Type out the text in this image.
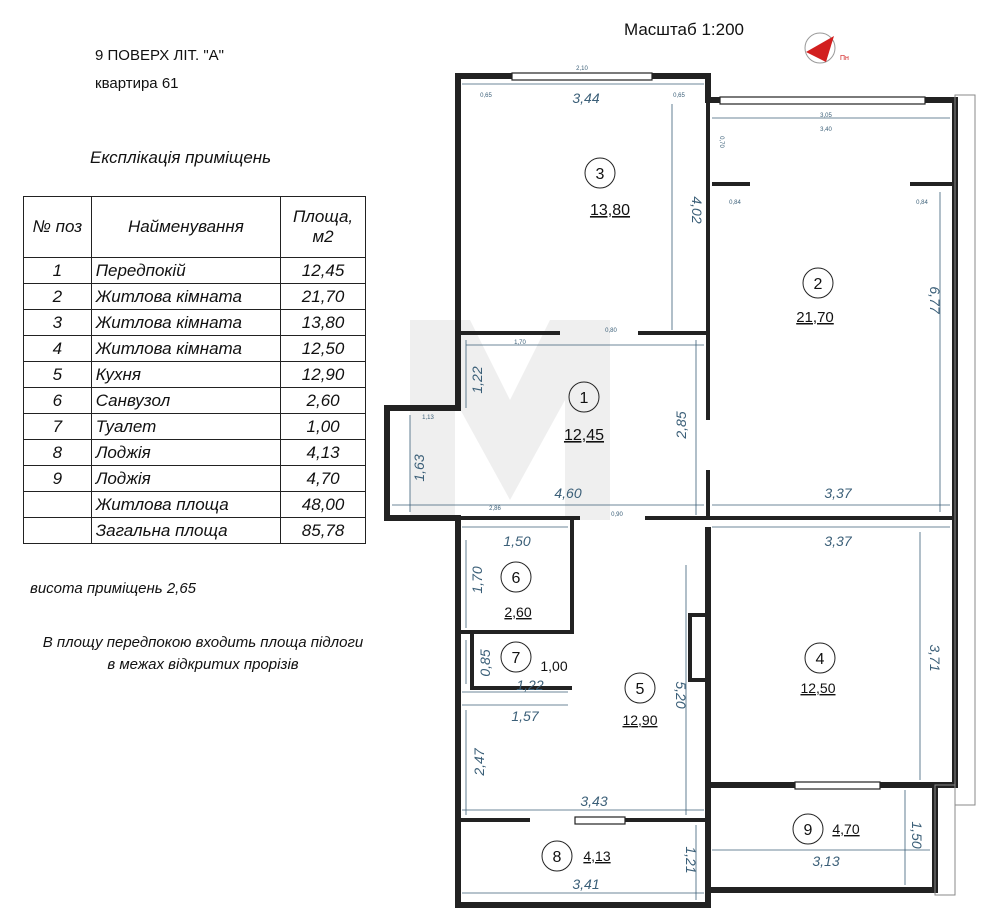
9 ПОВЕРХ ЛІТ. "А"
квартира 61
Масштаб 1:200
Експлікація приміщень
№ поз	Найменування	Площа, м2
1	Передпокій	12,45
2	Житлова кімната	21,70
3	Житлова кімната	13,80
4	Житлова кімната	12,50
5	Кухня	12,90
6	Санвузол	2,60
7	Туалет	1,00
8	Лоджія	4,13
9	Лоджія	4,70
	Житлова площа	48,00
	Загальна площа	85,78
висота приміщень 2,65
В площу передпокою входить площа підлоги в межах відкритих прорізів
Пн
3
13,80
2
21,70
1
12,45
6
2,60
7 1,00
5
12,90
4
12,50
9 4,70
8 4,13
3,44
4,02
6,77
1,22
2,85
1,63
4,60	3,37
3,37
1,50
1,70
3,71
0,85
1,22	5,20
1,57
2,47
3,43
1,50
3,13
1,21
3,41
2,10
0,65	0,65
3,05
3,40
0,70
0,84	0,84
1,70
0,80
0,90
2,86
1,13
